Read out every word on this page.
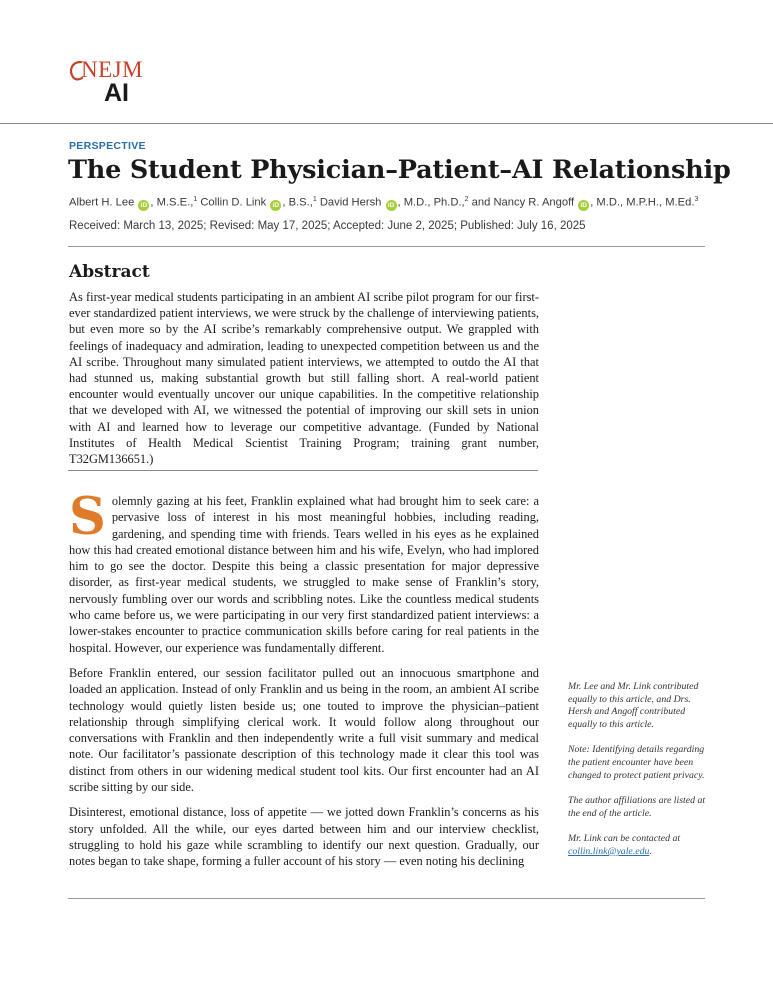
NEJM
AI
PERSPECTIVE
The Student Physician–Patient–AI Relationship
Albert H. Lee iD , M.S.E.,$^1$ Collin D. Link iD , B.S.,$^1$ David Hersh iD , M.D., Ph.D.,$^2$ and Nancy R. Angoff iD , M.D., M.P.H., M.Ed.$^3$
Received: March 13, 2025; Revised: May 17, 2025; Accepted: June 2, 2025; Published: July 16, 2025
Abstract

As first-year medical students participating in an ambient AI scribe pilot program for our first-ever standardized patient interviews, we were struck by the challenge of interviewing patients, but even more so by the AI scribe’s remarkably comprehensive output. We grappled with feelings of inadequacy and admiration, leading to unexpected competition between us and the AI scribe. Throughout many simulated patient interviews, we attempted to outdo the AI that had stunned us, making substantial growth but still falling short. A real-world patient encounter would eventually uncover our unique capabilities. In the competitive relationship that we developed with AI, we witnessed the potential of improving our skill sets in union with AI and learned how to leverage our competitive advantage. (Funded by National Institutes of Health Medical Scientist Training Program; training grant number, T32GM136651.)

Solemnly gazing at his feet, Franklin explained what had brought him to seek care: a pervasive loss of interest in his most meaningful hobbies, including reading, gardening, and spending time with friends. Tears welled in his eyes as he explained how this had created emotional distance between him and his wife, Evelyn, who had implored him to go see the doctor. Despite this being a classic presentation for major depressive disorder, as first-year medical students, we struggled to make sense of Franklin’s story, nervously fumbling over our words and scribbling notes. Like the countless medical students who came before us, we were participating in our very first standardized patient interviews: a lower-stakes encounter to practice communication skills before caring for real patients in the hospital. However, our experience was fundamentally different.

Before Franklin entered, our session facilitator pulled out an innocuous smartphone and loaded an application. Instead of only Franklin and us being in the room, an ambient AI scribe technology would quietly listen beside us; one touted to improve the physician–patient relationship through simplifying clerical work. It would follow along throughout our conversations with Franklin and then independently write a full visit summary and medical note. Our facilitator’s passionate description of this technology made it clear this tool was distinct from others in our widening medical student tool kits. Our first encounter had an AI scribe sitting by our side.

Disinterest, emotional distance, loss of appetite — we jotted down Franklin’s concerns as his story unfolded. All the while, our eyes darted between him and our interview checklist, struggling to hold his gaze while scrambling to identify our next question. Gradually, our notes began to take shape, forming a fuller account of his story — even noting his declining

Mr. Lee and Mr. Link contributed equally to this article, and Drs. Hersh and Angoff contributed equally to this article.

Note: Identifying details regarding the patient encounter have been changed to protect patient privacy.

The author affiliations are listed at the end of the article.

Mr. Link can be contacted at collin.link@yale.edu.
